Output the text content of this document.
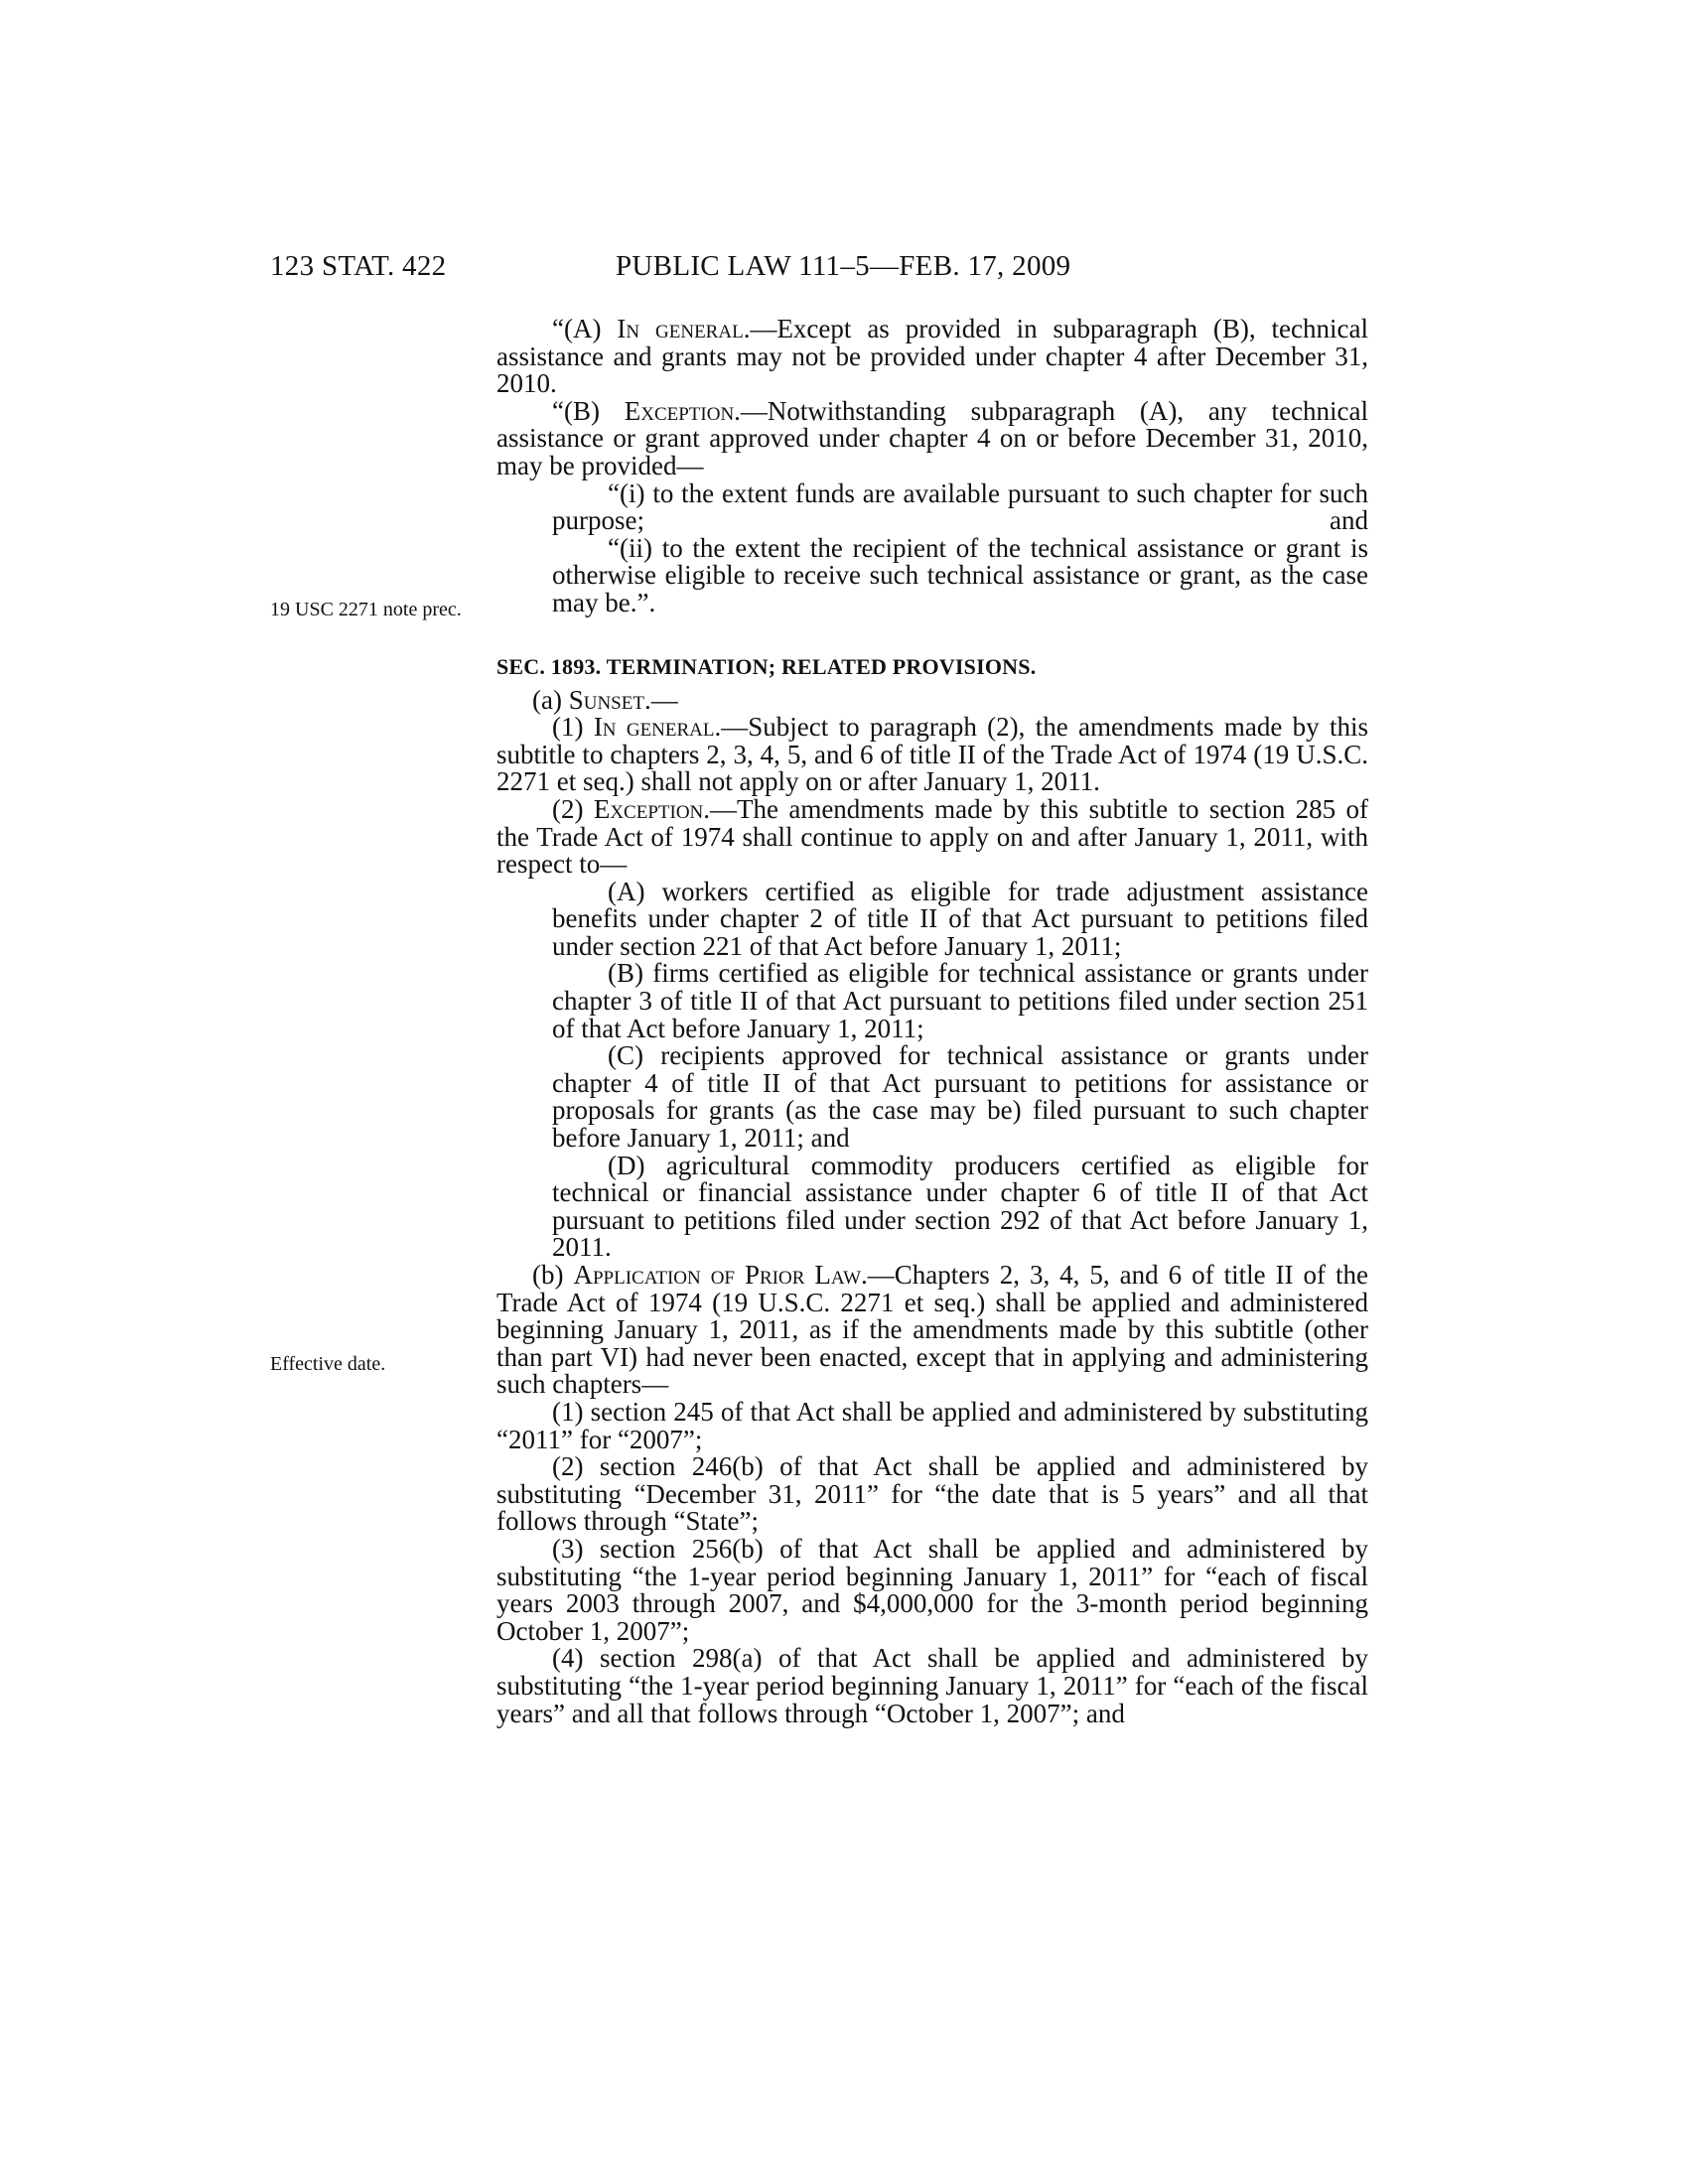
123 STAT. 422	PUBLIC LAW 111–5—FEB. 17, 2009
19 USC 2271 note prec.
Effective date.

“(A) In general.—Except as provided in subparagraph (B), technical assistance and grants may not be provided under chapter 4 after December 31, 2010.

“(B) Exception.—Notwithstanding subparagraph (A), any technical assistance or grant approved under chapter 4 on or before December 31, 2010, may be provided—

“(i) to the extent funds are available pursuant to such chapter for such purpose; and

“(ii) to the extent the recipient of the technical assistance or grant is otherwise eligible to receive such technical assistance or grant, as the case may be.”.

SEC. 1893. TERMINATION; RELATED PROVISIONS.

(a) Sunset.—

(1) In general.—Subject to paragraph (2), the amendments made by this subtitle to chapters 2, 3, 4, 5, and 6 of title II of the Trade Act of 1974 (19 U.S.C. 2271 et seq.) shall not apply on or after January 1, 2011.

(2) Exception.—The amendments made by this subtitle to section 285 of the Trade Act of 1974 shall continue to apply on and after January 1, 2011, with respect to—

(A) workers certified as eligible for trade adjustment assistance benefits under chapter 2 of title II of that Act pursuant to petitions filed under section 221 of that Act before January 1, 2011;

(B) firms certified as eligible for technical assistance or grants under chapter 3 of title II of that Act pursuant to petitions filed under section 251 of that Act before January 1, 2011;

(C) recipients approved for technical assistance or grants under chapter 4 of title II of that Act pursuant to petitions for assistance or proposals for grants (as the case may be) filed pursuant to such chapter before January 1, 2011; and

(D) agricultural commodity producers certified as eligible for technical or financial assistance under chapter 6 of title II of that Act pursuant to petitions filed under section 292 of that Act before January 1, 2011.

(b) Application of Prior Law.—Chapters 2, 3, 4, 5, and 6 of title II of the Trade Act of 1974 (19 U.S.C. 2271 et seq.) shall be applied and administered beginning January 1, 2011, as if the amendments made by this subtitle (other than part VI) had never been enacted, except that in applying and administering such chapters—

(1) section 245 of that Act shall be applied and administered by substituting “2011” for “2007”;

(2) section 246(b) of that Act shall be applied and administered by substituting “December 31, 2011” for “the date that is 5 years” and all that follows through “State”;

(3) section 256(b) of that Act shall be applied and administered by substituting “the 1-year period beginning January 1, 2011” for “each of fiscal years 2003 through 2007, and $4,000,000 for the 3-month period beginning October 1, 2007”;

(4) section 298(a) of that Act shall be applied and administered by substituting “the 1-year period beginning January 1, 2011” for “each of the fiscal years” and all that follows through “October 1, 2007”; and
